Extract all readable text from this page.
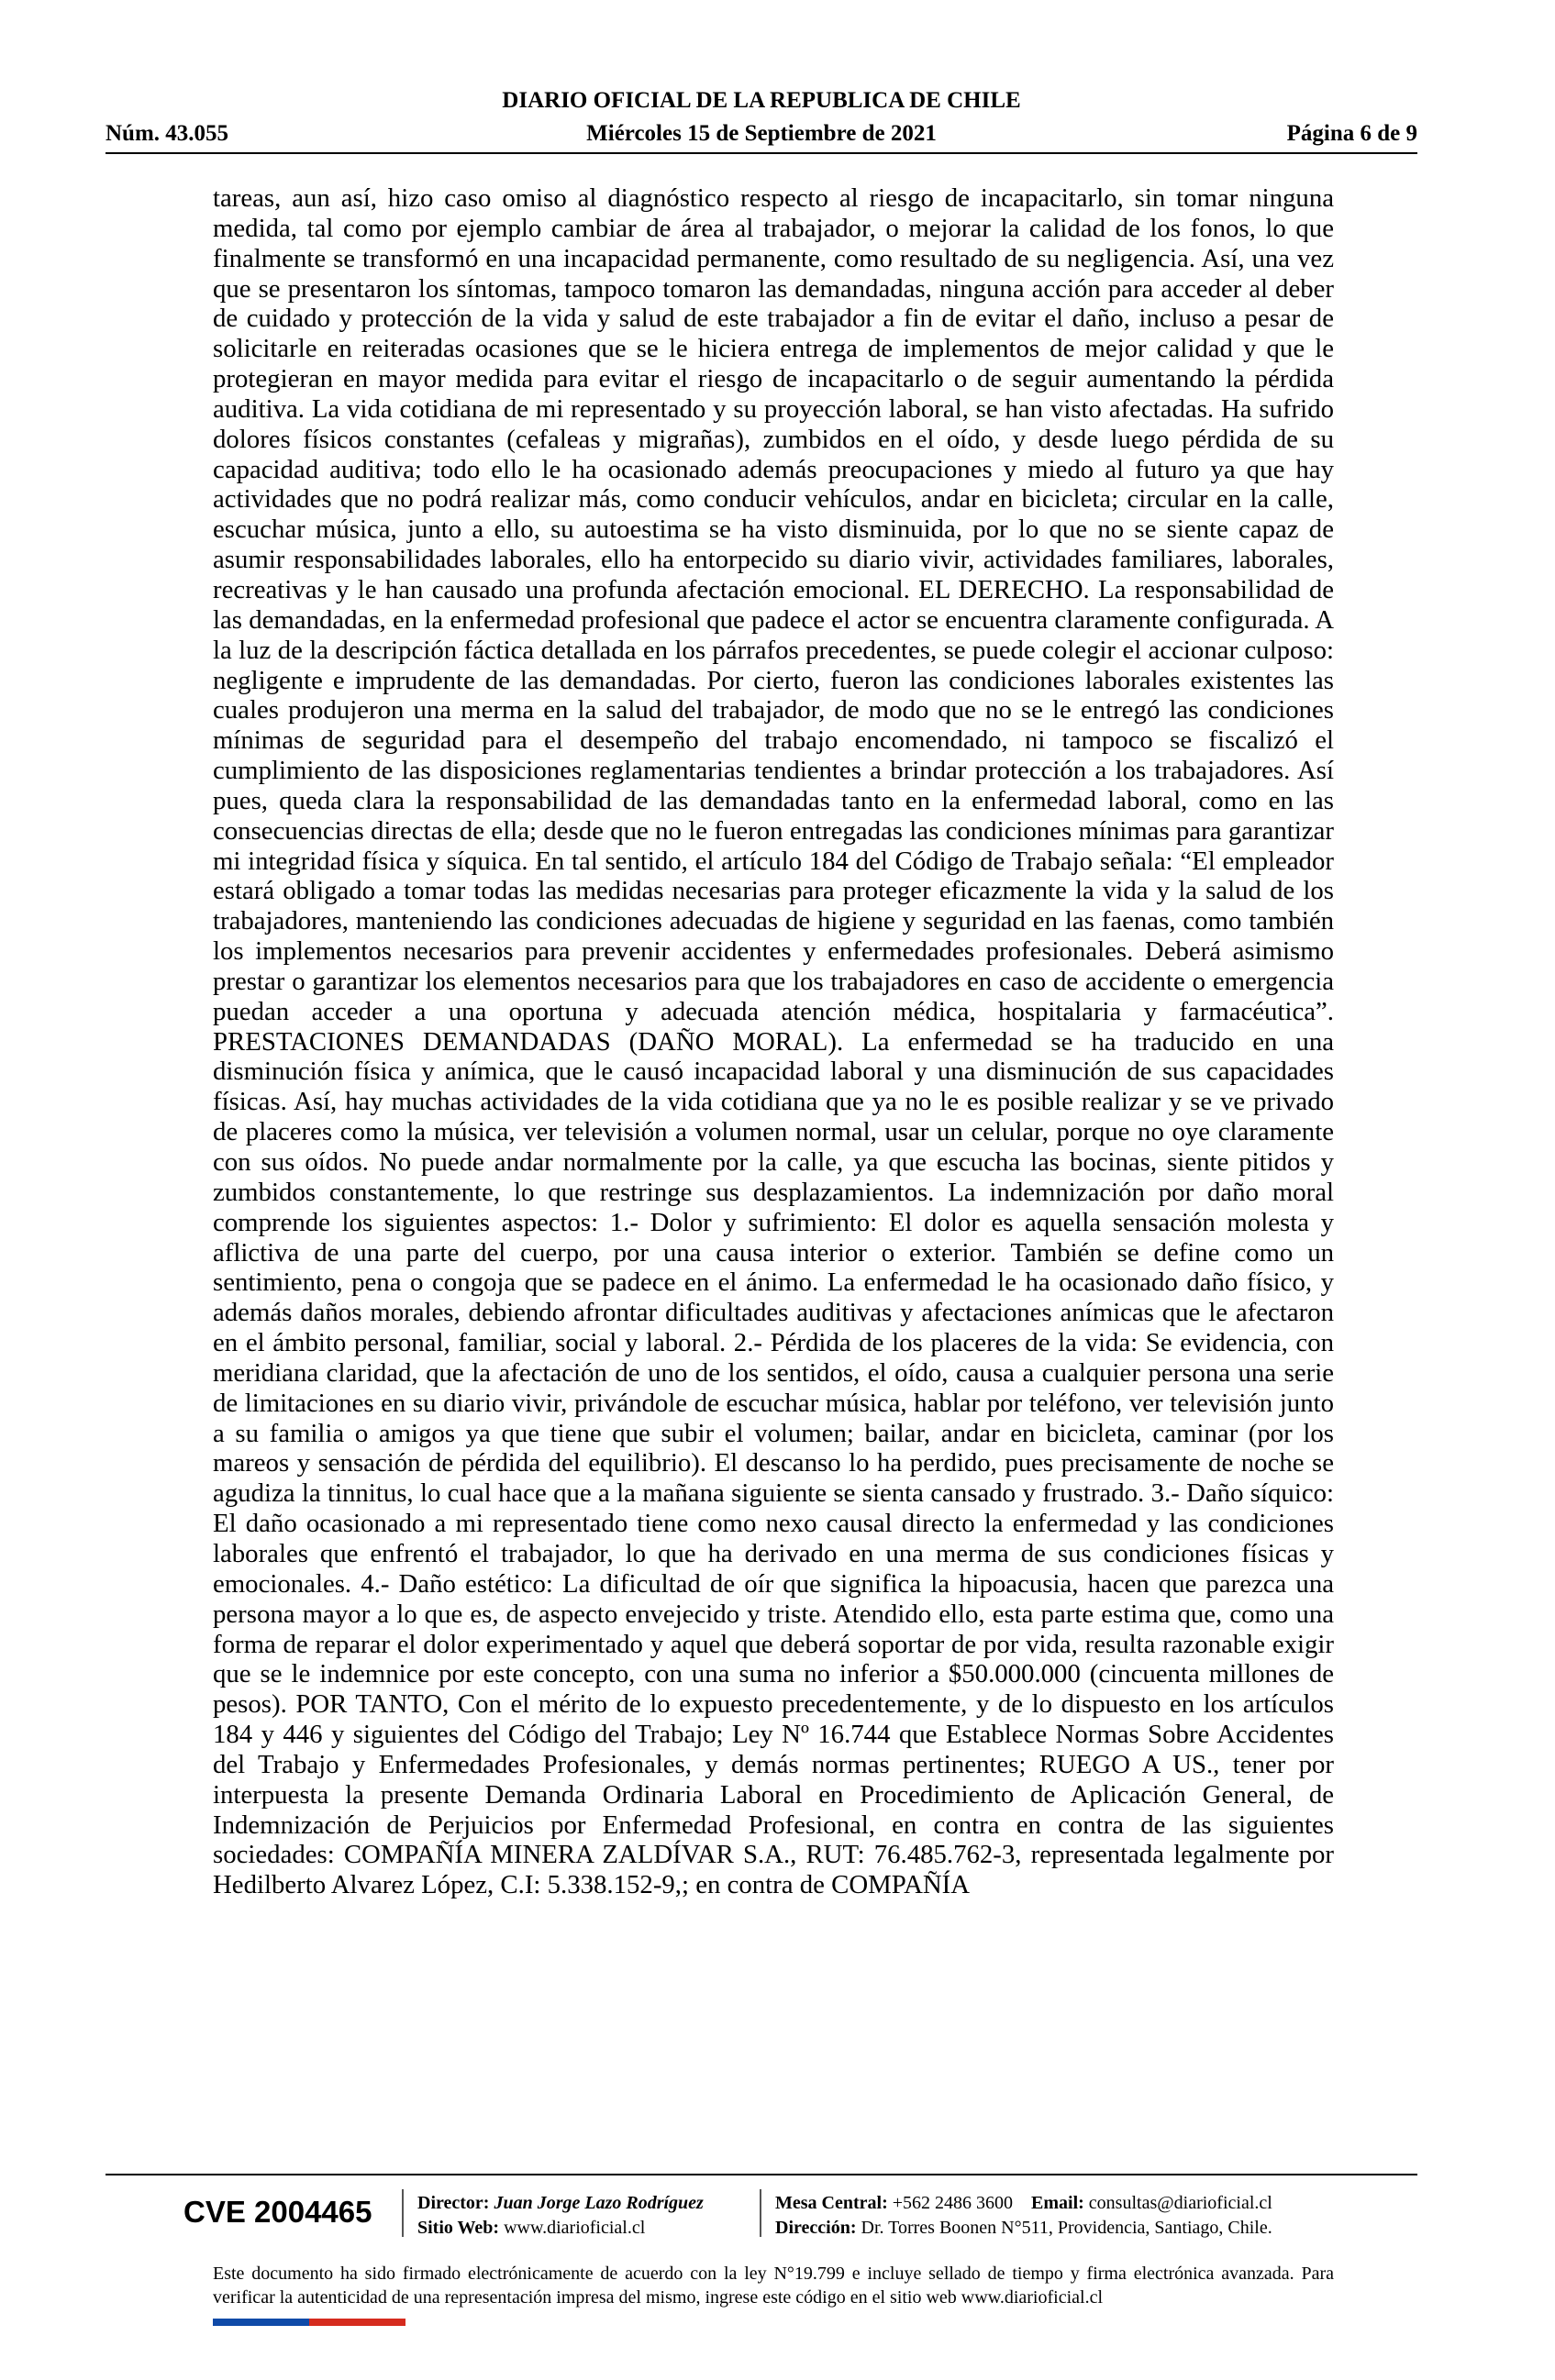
DIARIO OFICIAL DE LA REPUBLICA DE CHILE
Núm. 43.055	Miércoles 15 de Septiembre de 2021	Página 6 de 9

tareas, aun así, hizo caso omiso al diagnóstico respecto al riesgo de incapacitarlo, sin tomar ninguna medida, tal como por ejemplo cambiar de área al trabajador, o mejorar la calidad de los fonos, lo que finalmente se transformó en una incapacidad permanente, como resultado de su negligencia. Así, una vez que se presentaron los síntomas, tampoco tomaron las demandadas, ninguna acción para acceder al deber de cuidado y protección de la vida y salud de este trabajador a fin de evitar el daño, incluso a pesar de solicitarle en reiteradas ocasiones que se le hiciera entrega de implementos de mejor calidad y que le protegieran en mayor medida para evitar el riesgo de incapacitarlo o de seguir aumentando la pérdida auditiva. La vida cotidiana de mi representado y su proyección laboral, se han visto afectadas. Ha sufrido dolores físicos constantes (cefaleas y migrañas), zumbidos en el oído, y desde luego pérdida de su capacidad auditiva; todo ello le ha ocasionado además preocupaciones y miedo al futuro ya que hay actividades que no podrá realizar más, como conducir vehículos, andar en bicicleta; circular en la calle, escuchar música, junto a ello, su autoestima se ha visto disminuida, por lo que no se siente capaz de asumir responsabilidades laborales, ello ha entorpecido su diario vivir, actividades familiares, laborales, recreativas y le han causado una profunda afectación emocional. EL DERECHO. La responsabilidad de las demandadas, en la enfermedad profesional que padece el actor se encuentra claramente configurada. A la luz de la descripción fáctica detallada en los párrafos precedentes, se puede colegir el accionar culposo: negligente e imprudente de las demandadas. Por cierto, fueron las condiciones laborales existentes las cuales produjeron una merma en la salud del trabajador, de modo que no se le entregó las condiciones mínimas de seguridad para el desempeño del trabajo encomendado, ni tampoco se fiscalizó el cumplimiento de las disposiciones reglamentarias tendientes a brindar protección a los trabajadores. Así pues, queda clara la responsabilidad de las demandadas tanto en la enfermedad laboral, como en las consecuencias directas de ella; desde que no le fueron entregadas las condiciones mínimas para garantizar mi integridad física y síquica. En tal sentido, el artículo 184 del Código de Trabajo señala: “El empleador estará obligado a tomar todas las medidas necesarias para proteger eficazmente la vida y la salud de los trabajadores, manteniendo las condiciones adecuadas de higiene y seguridad en las faenas, como también los implementos necesarios para prevenir accidentes y enfermedades profesionales. Deberá asimismo prestar o garantizar los elementos necesarios para que los trabajadores en caso de accidente o emergencia puedan acceder a una oportuna y adecuada atención médica, hospitalaria y farmacéutica”. PRESTACIONES DEMANDADAS (DAÑO MORAL). La enfermedad se ha traducido en una disminución física y anímica, que le causó incapacidad laboral y una disminución de sus capacidades físicas. Así, hay muchas actividades de la vida cotidiana que ya no le es posible realizar y se ve privado de placeres como la música, ver televisión a volumen normal, usar un celular, porque no oye claramente con sus oídos. No puede andar normalmente por la calle, ya que escucha las bocinas, siente pitidos y zumbidos constantemente, lo que restringe sus desplazamientos. La indemnización por daño moral comprende los siguientes aspectos: 1.- Dolor y sufrimiento: El dolor es aquella sensación molesta y aflictiva de una parte del cuerpo, por una causa interior o exterior. También se define como un sentimiento, pena o congoja que se padece en el ánimo. La enfermedad le ha ocasionado daño físico, y además daños morales, debiendo afrontar dificultades auditivas y afectaciones anímicas que le afectaron en el ámbito personal, familiar, social y laboral. 2.- Pérdida de los placeres de la vida: Se evidencia, con meridiana claridad, que la afectación de uno de los sentidos, el oído, causa a cualquier persona una serie de limitaciones en su diario vivir, privándole de escuchar música, hablar por teléfono, ver televisión junto a su familia o amigos ya que tiene que subir el volumen; bailar, andar en bicicleta, caminar (por los mareos y sensación de pérdida del equilibrio). El descanso lo ha perdido, pues precisamente de noche se agudiza la tinnitus, lo cual hace que a la mañana siguiente se sienta cansado y frustrado. 3.- Daño síquico: El daño ocasionado a mi representado tiene como nexo causal directo la enfermedad y las condiciones laborales que enfrentó el trabajador, lo que ha derivado en una merma de sus condiciones físicas y emocionales. 4.- Daño estético: La dificultad de oír que significa la hipoacusia, hacen que parezca una persona mayor a lo que es, de aspecto envejecido y triste. Atendido ello, esta parte estima que, como una forma de reparar el dolor experimentado y aquel que deberá soportar de por vida, resulta razonable exigir que se le indemnice por este concepto, con una suma no inferior a $50.000.000 (cincuenta millones de pesos). POR TANTO, Con el mérito de lo expuesto precedentemente, y de lo dispuesto en los artículos 184 y 446 y siguientes del Código del Trabajo; Ley Nº 16.744 que Establece Normas Sobre Accidentes del Trabajo y Enfermedades Profesionales, y demás normas pertinentes; RUEGO A US., tener por interpuesta la presente Demanda Ordinaria Laboral en Procedimiento de Aplicación General, de Indemnización de Perjuicios por Enfermedad Profesional, en contra en contra de las siguientes sociedades: COMPAÑÍA MINERA ZALDÍVAR S.A., RUT: 76.485.762-3, representada legalmente por Hedilberto Alvarez López, C.I: 5.338.152-9,; en contra de COMPAÑÍA

CVE 2004465 Director: Juan Jorge Lazo Rodríguez
Sitio Web: www.diarioficial.cl
Mesa Central: +562 2486 3600 Email: consultas@diarioficial.cl
Dirección: Dr. Torres Boonen N°511, Providencia, Santiago, Chile.

Este documento ha sido firmado electrónicamente de acuerdo con la ley N°19.799 e incluye sellado de tiempo y firma electrónica avanzada. Para verificar la autenticidad de una representación impresa del mismo, ingrese este código en el sitio web www.diarioficial.cl
